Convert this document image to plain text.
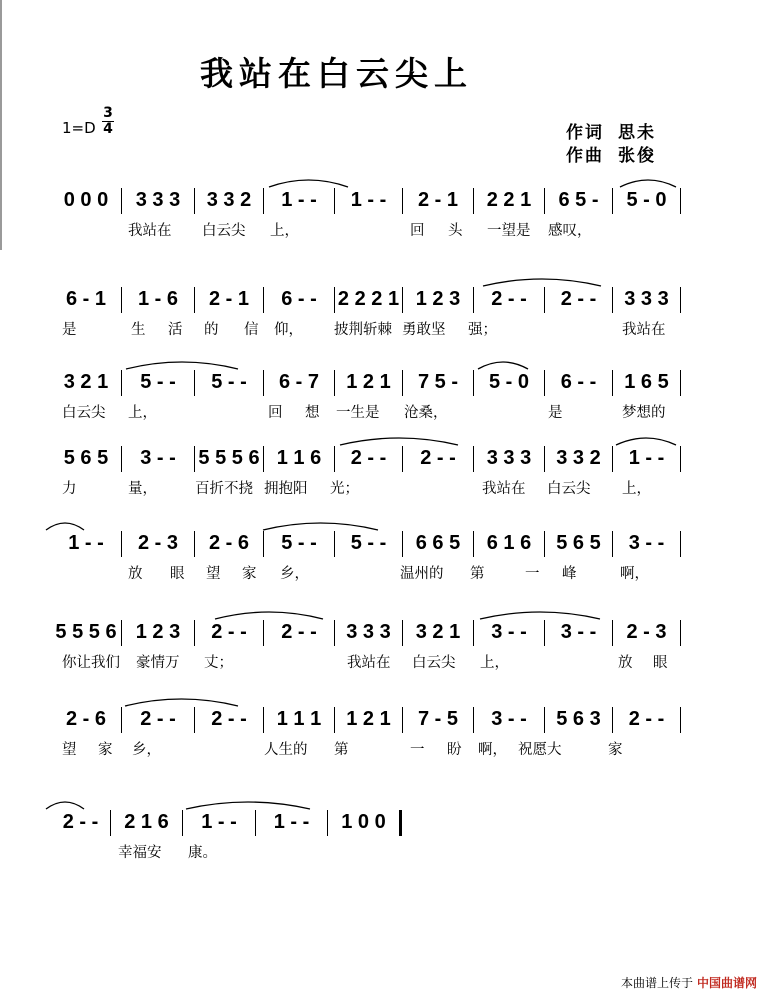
我站在白云尖上
1=D
3
4	作词 思未
作曲 张俊
0 0 0	3 3 3	3 3 2	1 - -	1 - -	2 - 1	2 2 1	6 5 -	5 - 0
我站在 白云尖 上，	回 头 一望是 感叹，
6 - 1	1 - 6	2 - 1	6 - -	2 2 2 1 1 2 3	2 - -	2 - -	3 3 3
是	生 活 的 信 仰， 披荆斩棘 勇敢坚 强；	我站在
3 2 1	5 - -	5 - -	6 - 7	1 2 1	7 5 -	5 - 0	6 - -	1 6 5
白云尖 上，	回 想 一生是 沧桑，	是	梦想的
5 6 5	3 - -	5 5 5 6 1 1 6	2 - -	2 - -	3 3 3	3 3 2	1 - -
力	量，	百折不挠 拥抱阳 光；	我站在 白云尖 上，
1 - -	2 - 3	2 - 6	5 - -	5 - -	6 6 5	6 1 6	5 6 5	3 - -
放 眼 望 家 乡，	温州的 第	一 峰	啊，
5 5 5 6 1 2 3	2 - -	2 - -	3 3 3	3 2 1	3 - -	3 - -	2 - 3
你让我们 豪情万 丈；	我站在 白云尖 上，	放 眼
2 - 6	2 - -	2 - -	1 1 1	1 2 1	7 - 5	3 - -	5 6 3	2 - -
望 家 乡，	人生的 第	一 盼 啊， 祝愿大	家
2 - -	2 1 6	1 - -	1 - -	1 0 0
幸福安 康。
本曲谱上传于 中国曲谱网
